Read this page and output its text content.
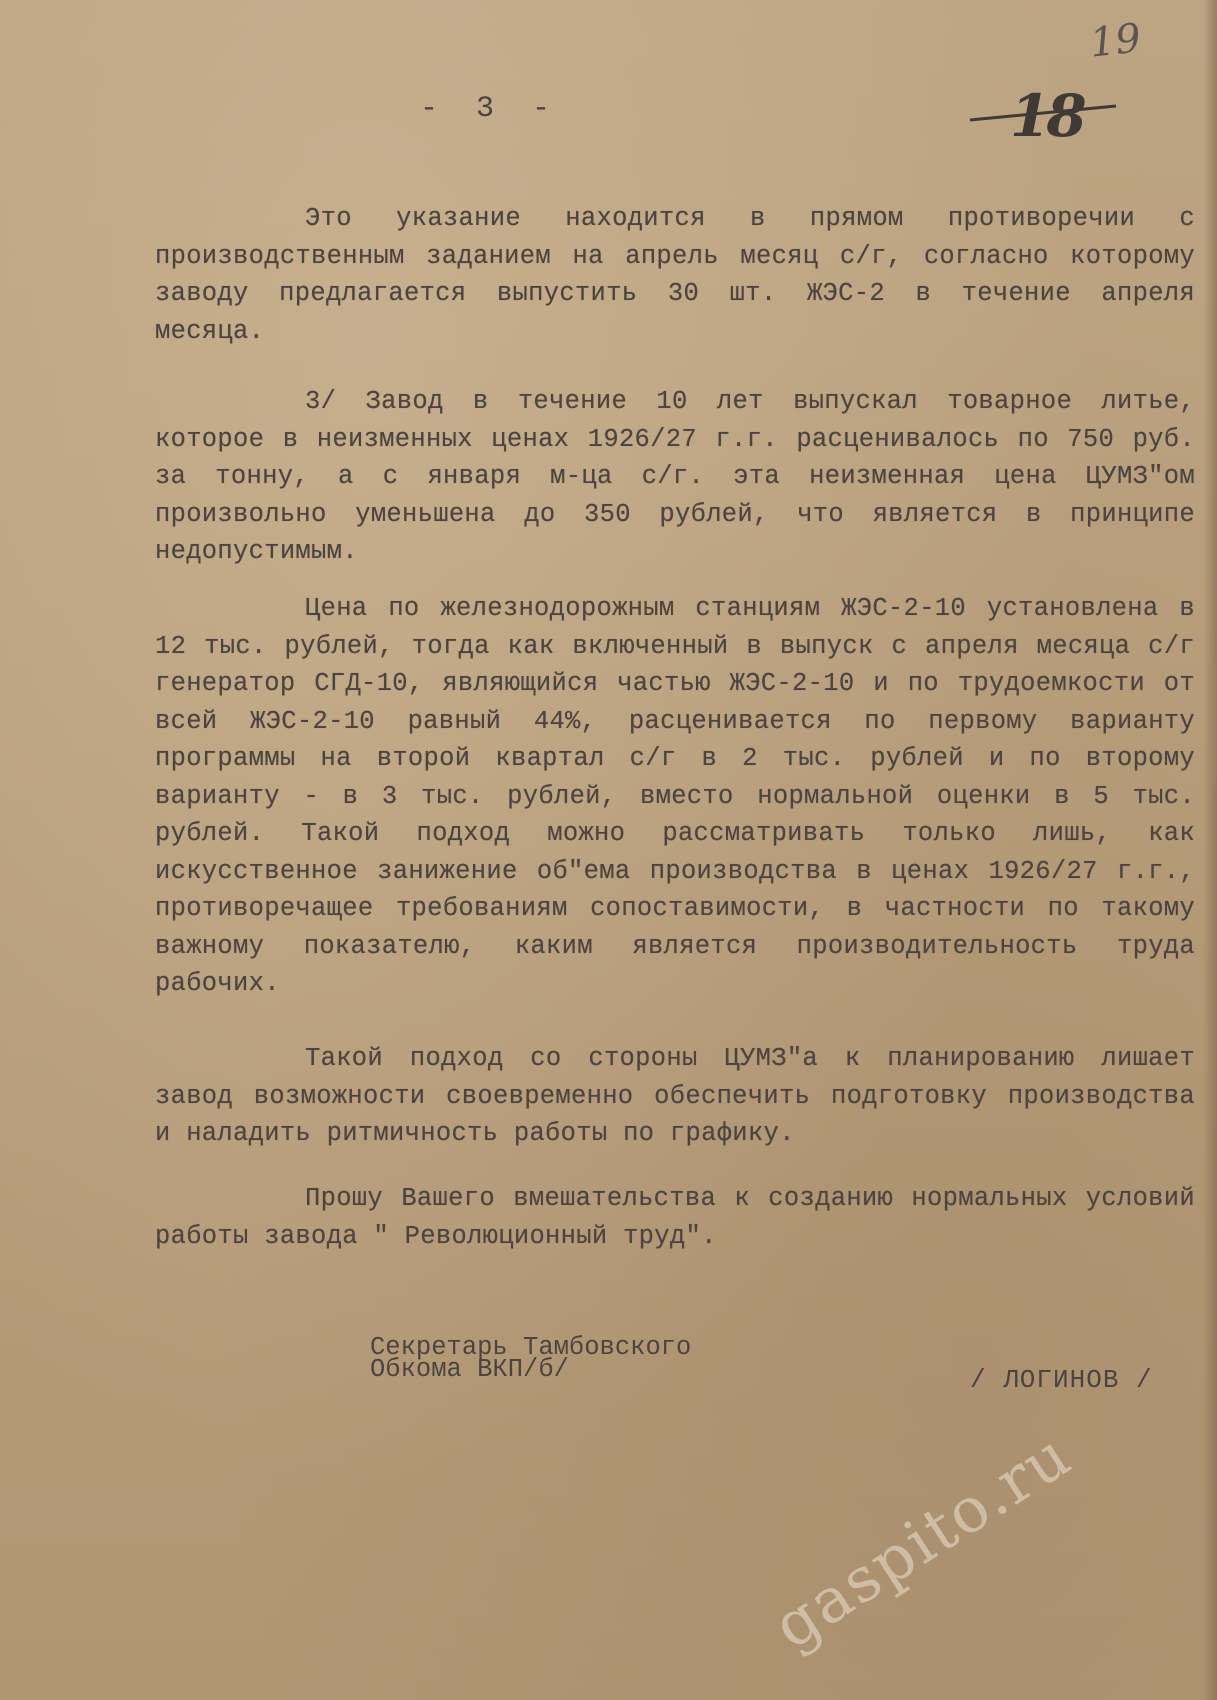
19
18
- 3 -

Это указание находится в прямом противоречии с производственным заданием на апрель месяц с/г, согласно которому заводу предлагается выпустить 30 шт. ЖЭС-2 в течение апреля месяца.

3/ Завод в течение 10 лет выпускал товарное литье, которое в неизменных ценах 1926/27 г.г. расценивалось по 750 руб. за тонну, а с января м-ца с/г. эта неизменная цена ЦУМЗ"ом произвольно уменьшена до 350 рублей, что является в принципе недопустимым.

Цена по железнодорожным станциям ЖЭС-2-10 установлена в 12 тыс. рублей, тогда как включенный в выпуск с апреля месяца с/г генератор СГД-10, являющийся частью ЖЭС-2-10 и по трудоемкости от всей ЖЭС-2-10 равный 44%, расценивается по первому варианту программы на второй квартал с/г в 2 тыс. рублей и по второму варианту - в 3 тыс. рублей, вместо нормальной оценки в 5 тыс. рублей. Такой подход можно рассматривать только лишь, как искусственное занижение об"ема производства в ценах 1926/27 г.г., противоречащее требованиям сопоставимости, в частности по такому важному показателю, каким является производительность труда рабочих.

Такой подход со стороны ЦУМЗ"а к планированию лишает завод возможности своевременно обеспечить подготовку производства и наладить ритмичность работы по графику.

Прошу Вашего вмешательства к созданию нормальных условий работы завода " Революционный труд".

Секретарь Тамбовского
Обкома ВКП/б/	/ ЛОГИНОВ /
gaspito.ru
